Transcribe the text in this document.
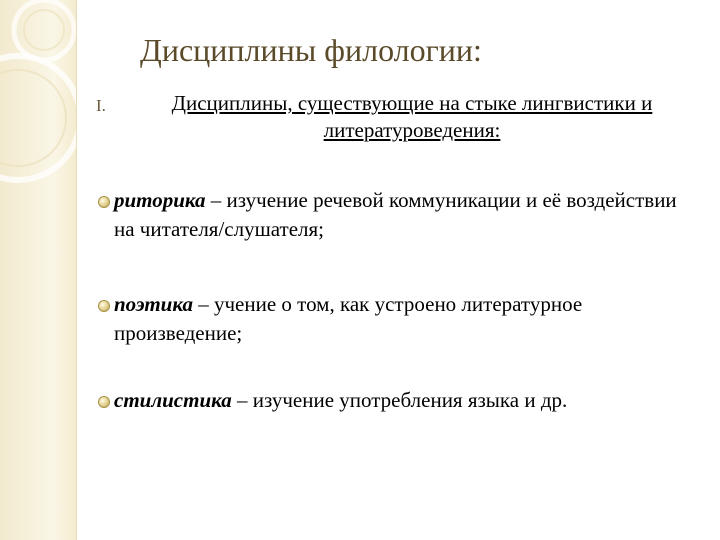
Дисциплины филологии:
I.	Дисциплины, существующие на стыке лингвистики и литературоведения:
риторика – изучение речевой коммуникации и её воздействии на читателя/слушателя;
поэтика – учение о том, как устроено литературное произведение;
стилистика – изучение употребления языка и др.
